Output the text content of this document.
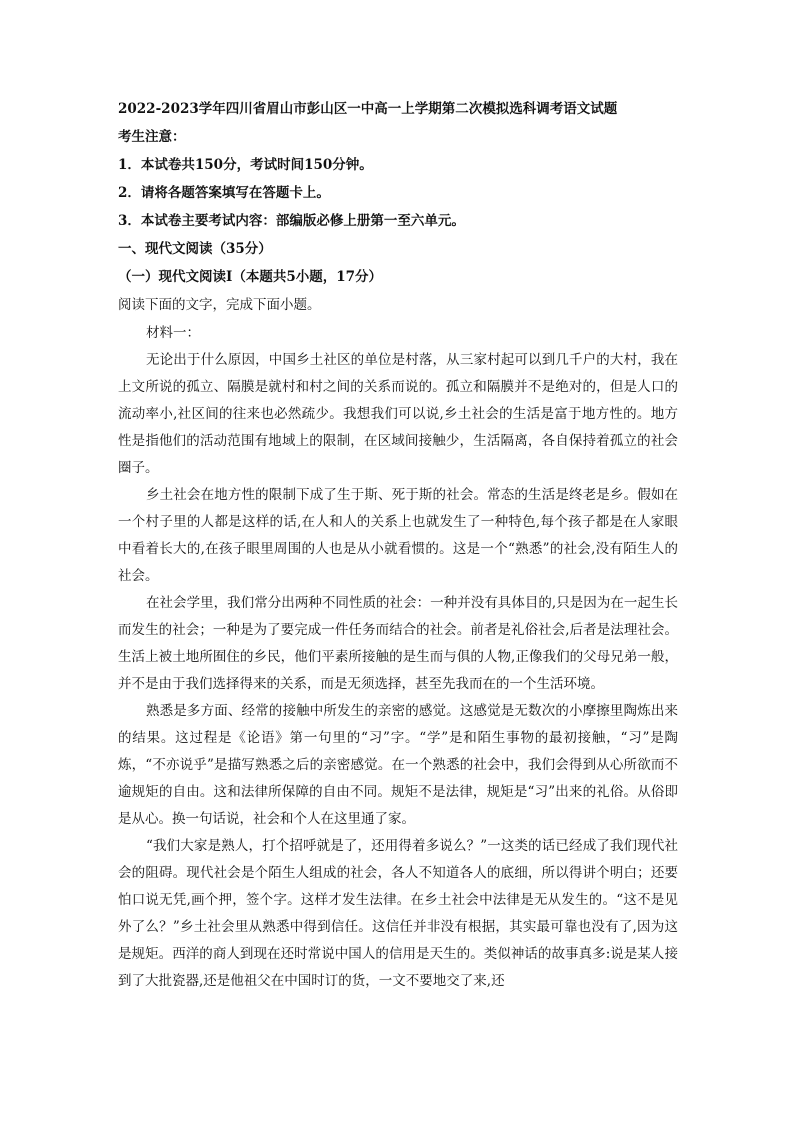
2022-2023学年四川省眉山市彭山区一中高一上学期第二次模拟选科调考语文试题
考生注意：
1．本试卷共150分，考试时间150分钟。
2．请将各题答案填写在答题卡上。
3．本试卷主要考试内容：部编版必修上册第一至六单元。
一、现代文阅读（35分）
（一）现代文阅读Ⅰ（本题共5小题，17分）
阅读下面的文字，完成下面小题。
材料一：

无论出于什么原因，中国乡土社区的单位是村落，从三家村起可以到几千户的大村，我在上文所说的孤立、隔膜是就村和村之间的关系而说的。孤立和隔膜并不是绝对的，但是人口的流动率小,社区间的往来也必然疏少。我想我们可以说,乡土社会的生活是富于地方性的。地方性是指他们的活动范围有地域上的限制，在区域间接触少，生活隔离，各自保持着孤立的社会圈子。

乡土社会在地方性的限制下成了生于斯、死于斯的社会。常态的生活是终老是乡。假如在一个村子里的人都是这样的话,在人和人的关系上也就发生了一种特色,每个孩子都是在人家眼中看着长大的,在孩子眼里周围的人也是从小就看惯的。这是一个“熟悉”的社会,没有陌生人的社会。

在社会学里，我们常分出两种不同性质的社会：一种并没有具体目的,只是因为在一起生长而发生的社会；一种是为了要完成一件任务而结合的社会。前者是礼俗社会,后者是法理社会。生活上被土地所囿住的乡民，他们平素所接触的是生而与俱的人物,正像我们的父母兄弟一般，并不是由于我们选择得来的关系，而是无须选择，甚至先我而在的一个生活环境。

熟悉是多方面、经常的接触中所发生的亲密的感觉。这感觉是无数次的小摩擦里陶炼出来的结果。这过程是《论语》第一句里的“习”字。“学”是和陌生事物的最初接触，“习”是陶炼，“不亦说乎”是描写熟悉之后的亲密感觉。在一个熟悉的社会中，我们会得到从心所欲而不逾规矩的自由。这和法律所保障的自由不同。规矩不是法律，规矩是“习”出来的礼俗。从俗即是从心。换一句话说，社会和个人在这里通了家。

“我们大家是熟人，打个招呼就是了，还用得着多说么？”一这类的话已经成了我们现代社会的阻碍。现代社会是个陌生人组成的社会，各人不知道各人的底细，所以得讲个明白；还要怕口说无凭,画个押，签个字。这样才发生法律。在乡土社会中法律是无从发生的。“这不是见外了么？”乡土社会里从熟悉中得到信任。这信任并非没有根据，其实最可靠也没有了,因为这是规矩。西洋的商人到现在还时常说中国人的信用是天生的。类似神话的故事真多:说是某人接到了大批瓷器,还是他祖父在中国时订的货，一文不要地交了来,还
